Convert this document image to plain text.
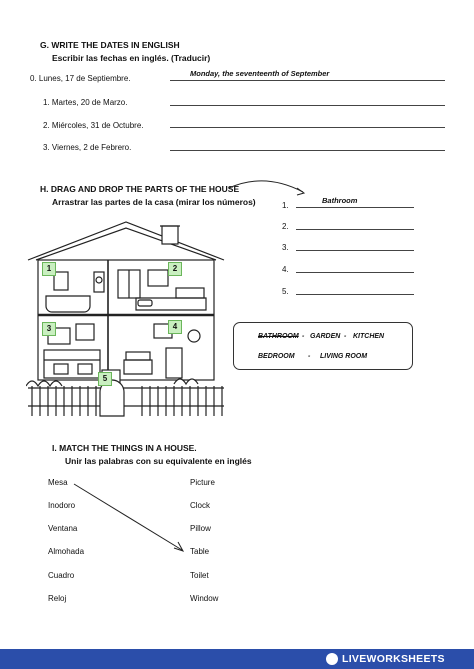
G. WRITE THE DATES IN ENGLISH
Escribir las fechas en inglés. (Traducir)
0. Lunes, 17 de Septiembre.
Monday, the seventeenth of September
1. Martes, 20 de Marzo.
2. Miércoles, 31 de Octubre.
3. Viernes, 2 de Febrero.
H. DRAG AND DROP THE PARTS OF THE HOUSE
Arrastrar las partes de la casa (mirar los números)	1.
Bathroom
2.
3.
4.
5.
1	2
3	4
5
BATHROOM - GARDEN - KITCHEN
BEDROOM - LIVING ROOM
I. MATCH THE THINGS IN A HOUSE.
Unir las palabras con su equivalente en inglés
Mesa
Inodoro
Ventana
Almohada
Cuadro
Reloj
Picture
Clock
Pillow
Table
Toilet
Window
LIVEWORKSHEETS
